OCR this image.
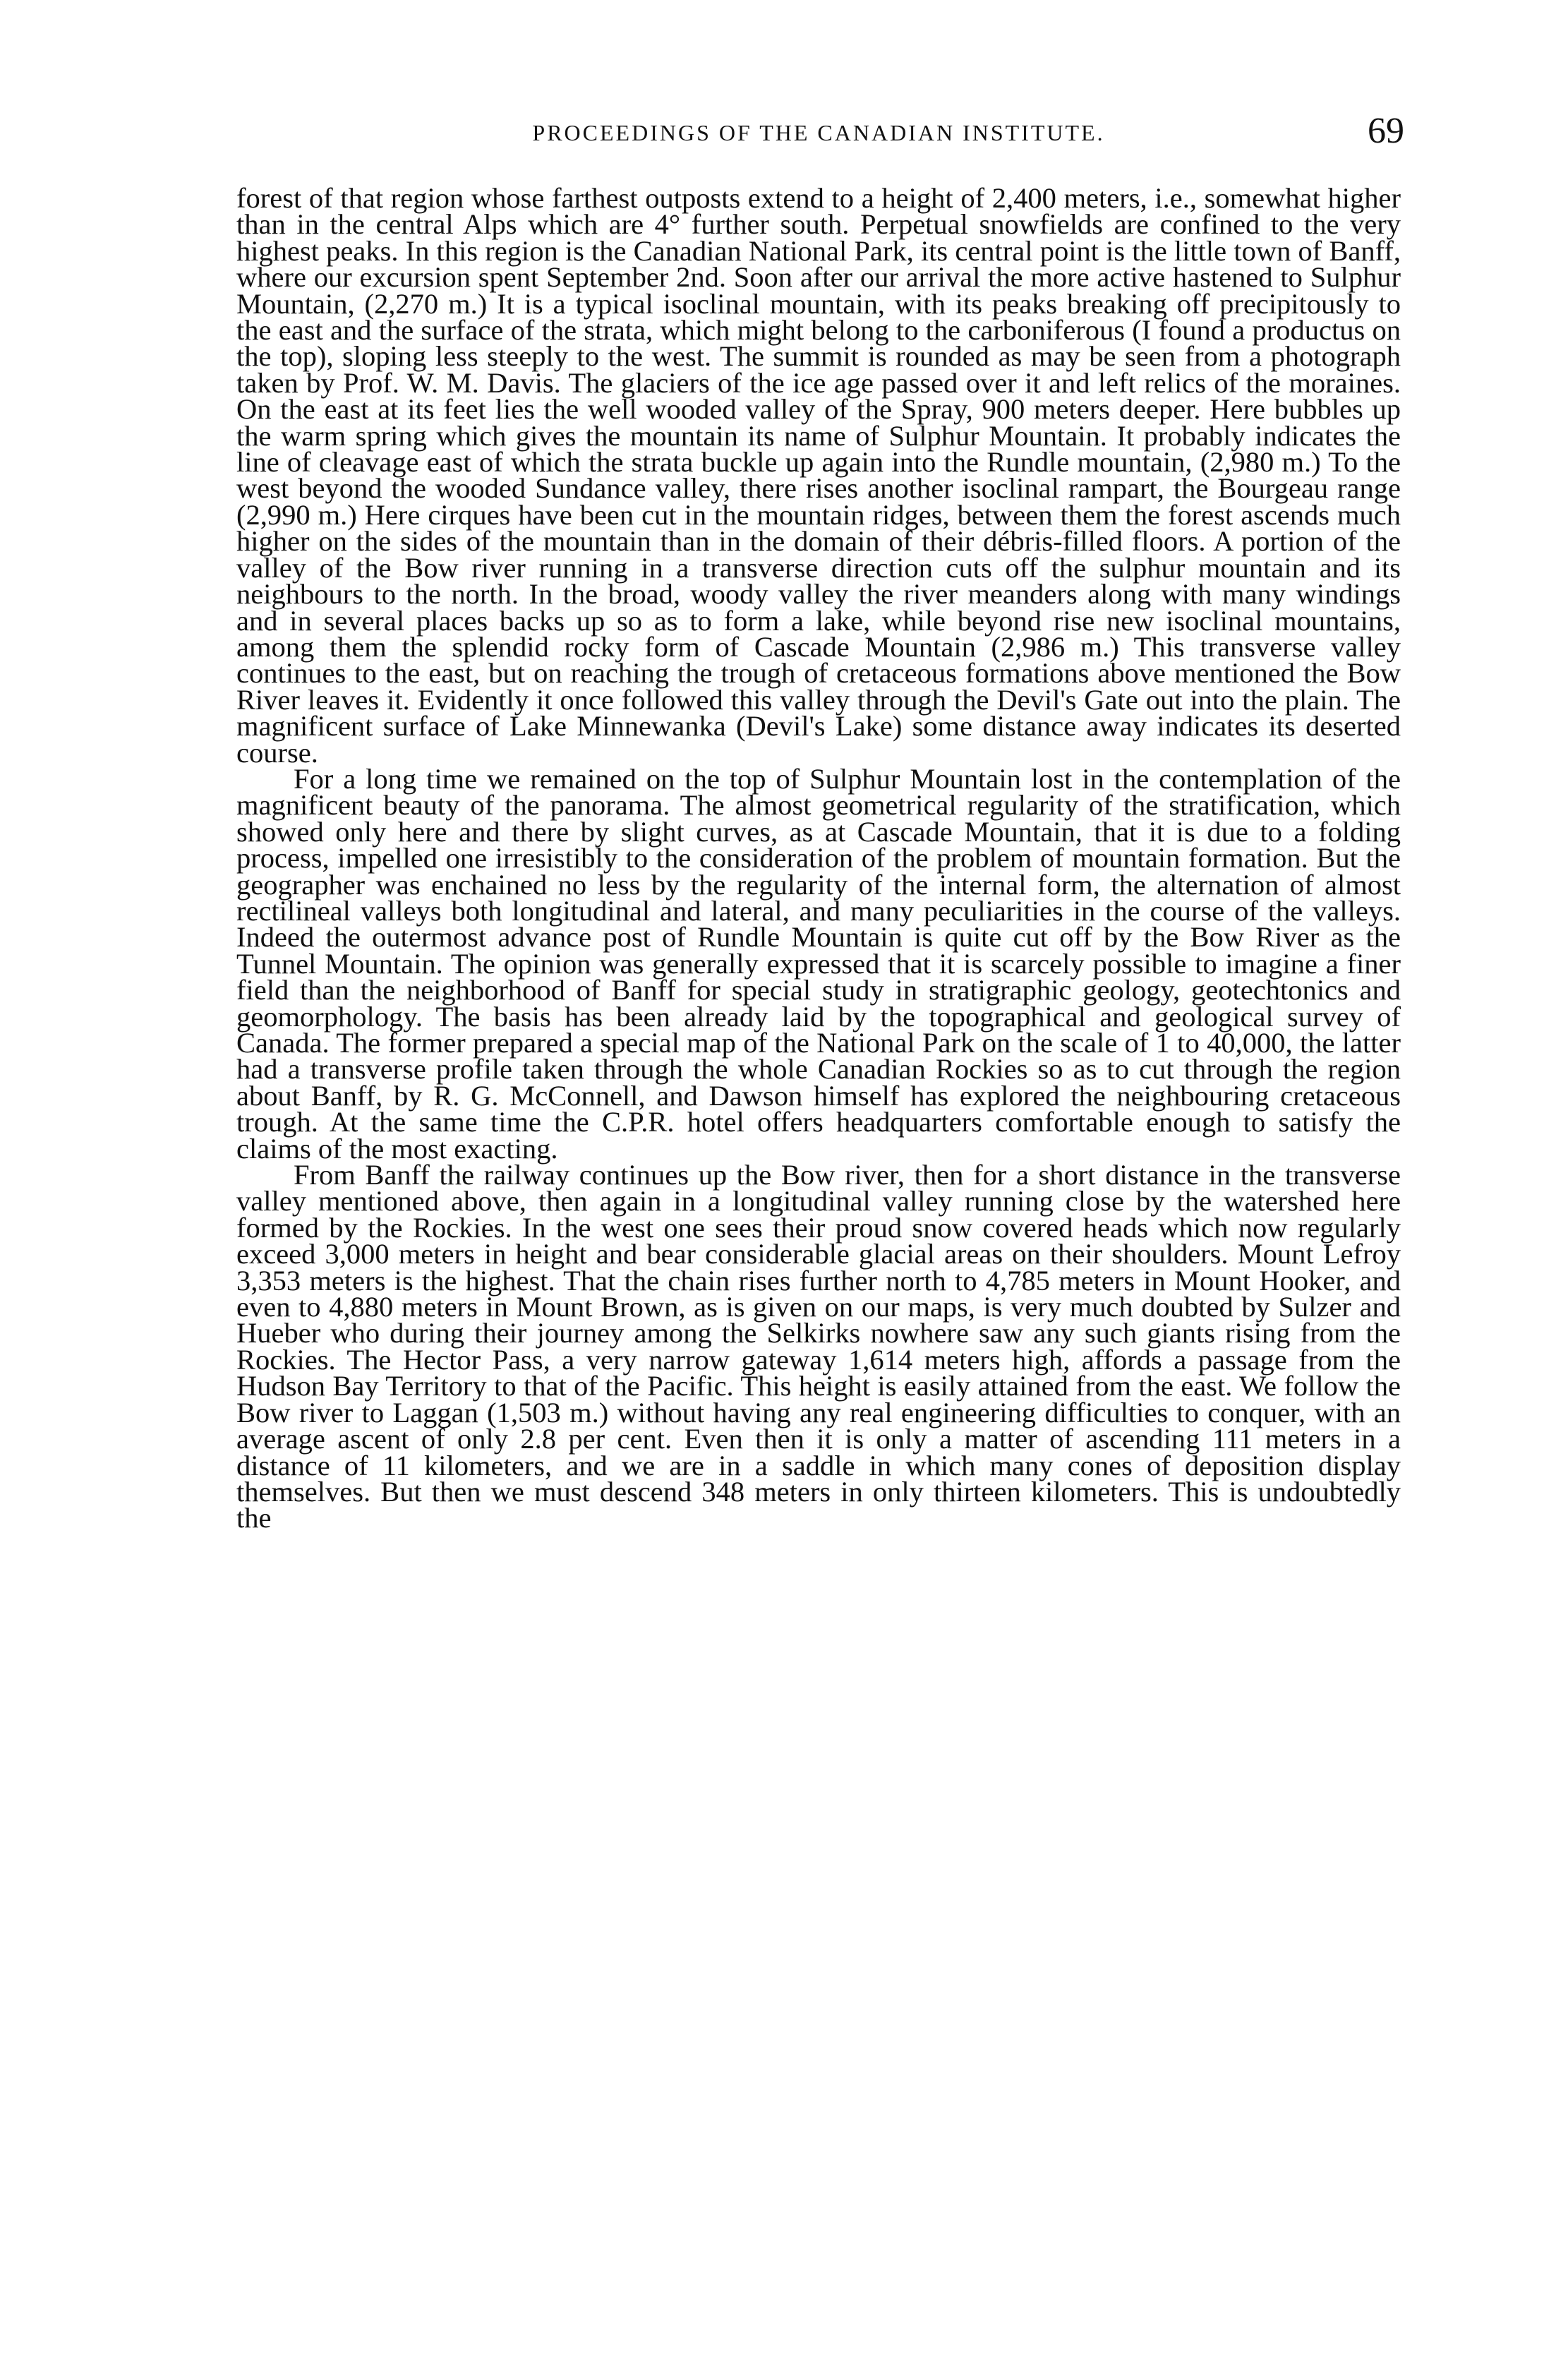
PROCEEDINGS OF THE CANADIAN INSTITUTE.	69

forest of that region whose farthest outposts extend to a height of 2,400 meters, i.e., somewhat higher than in the central Alps which are 4° further south. Perpetual snowfields are confined to the very highest peaks. In this region is the Canadian National Park, its central point is the little town of Banff, where our excursion spent September 2nd. Soon after our arrival the more active hastened to Sulphur Mountain, (2,270 m.) It is a typical isoclinal mountain, with its peaks breaking off precipitously to the east and the surface of the strata, which might belong to the carboniferous (I found a productus on the top), sloping less steeply to the west. The summit is rounded as may be seen from a photograph taken by Prof. W. M. Davis. The glaciers of the ice age passed over it and left relics of the moraines. On the east at its feet lies the well wooded valley of the Spray, 900 meters deeper. Here bubbles up the warm spring which gives the mountain its name of Sulphur Mountain. It probably indicates the line of cleavage east of which the strata buckle up again into the Rundle mountain, (2,980 m.) To the west beyond the wooded Sundance valley, there rises another isoclinal rampart, the Bourgeau range (2,990 m.) Here cirques have been cut in the mountain ridges, between them the forest ascends much higher on the sides of the mountain than in the domain of their débris-filled floors. A portion of the valley of the Bow river running in a transverse direction cuts off the sulphur mountain and its neighbours to the north. In the broad, woody valley the river meanders along with many windings and in several places backs up so as to form a lake, while beyond rise new isoclinal mountains, among them the splendid rocky form of Cascade Mountain (2,986 m.) This transverse valley continues to the east, but on reaching the trough of cretaceous formations above mentioned the Bow River leaves it. Evidently it once followed this valley through the Devil's Gate out into the plain. The magnificent surface of Lake Minnewanka (Devil's Lake) some distance away indicates its deserted course.

For a long time we remained on the top of Sulphur Mountain lost in the contemplation of the magnificent beauty of the panorama. The almost geometrical regularity of the stratification, which showed only here and there by slight curves, as at Cascade Mountain, that it is due to a folding process, impelled one irresistibly to the consideration of the problem of mountain formation. But the geographer was enchained no less by the regularity of the internal form, the alternation of almost rectilineal valleys both longitudinal and lateral, and many peculiarities in the course of the valleys. Indeed the outermost advance post of Rundle Mountain is quite cut off by the Bow River as the Tunnel Mountain. The opinion was generally expressed that it is scarcely possible to imagine a finer field than the neighborhood of Banff for special study in stratigraphic geology, geotechtonics and geomorphology. The basis has been already laid by the topographical and geological survey of Canada. The former prepared a special map of the National Park on the scale of 1 to 40,000, the latter had a transverse profile taken through the whole Canadian Rockies so as to cut through the region about Banff, by R. G. McConnell, and Dawson himself has explored the neighbouring cretaceous trough. At the same time the C.P.R. hotel offers headquarters comfortable enough to satisfy the claims of the most exacting.

From Banff the railway continues up the Bow river, then for a short distance in the transverse valley mentioned above, then again in a longitudinal valley running close by the watershed here formed by the Rockies. In the west one sees their proud snow covered heads which now regularly exceed 3,000 meters in height and bear considerable glacial areas on their shoulders. Mount Lefroy 3,353 meters is the highest. That the chain rises further north to 4,785 meters in Mount Hooker, and even to 4,880 meters in Mount Brown, as is given on our maps, is very much doubted by Sulzer and Hueber who during their journey among the Selkirks nowhere saw any such giants rising from the Rockies. The Hector Pass, a very narrow gateway 1,614 meters high, affords a passage from the Hudson Bay Territory to that of the Pacific. This height is easily attained from the east. We follow the Bow river to Laggan (1,503 m.) without having any real engineering difficulties to conquer, with an average ascent of only 2.8 per cent. Even then it is only a matter of ascending 111 meters in a distance of 11 kilometers, and we are in a saddle in which many cones of deposition display themselves. But then we must descend 348 meters in only thirteen kilometers. This is undoubtedly the
